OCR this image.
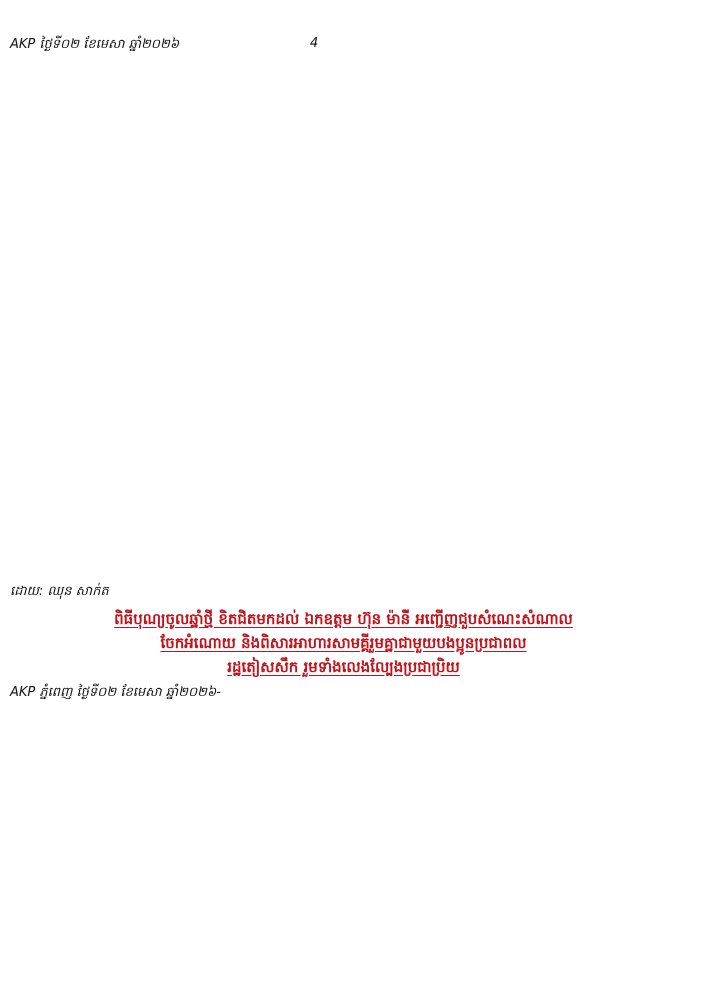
AKP ថ្ងៃទី០២ ខែមេសា ឆ្នាំ២០២៦	4

ដោយ: ឈុន សាក់ត

ពិធីបុណ្យចូលឆ្នាំថ្មី ខិតជិតមកដល់ ឯកឧត្តម ហ៊ុន ម៉ាន់ី អញ្ជើញជួបសំណេះសំណាល

ចែកអំណោយ និងពិសារអាហារសាមគ្គីរួមគ្នាជាមួយបងប្អូនប្រជាពល

រដ្ឋតៀសសឹក រួមទាំងលេងល្បែងប្រជាប្រិយ

AKP ភ្នំពេញ ថ្ងៃទី០២ ខែមេសា ឆ្នាំ២០២៦-
